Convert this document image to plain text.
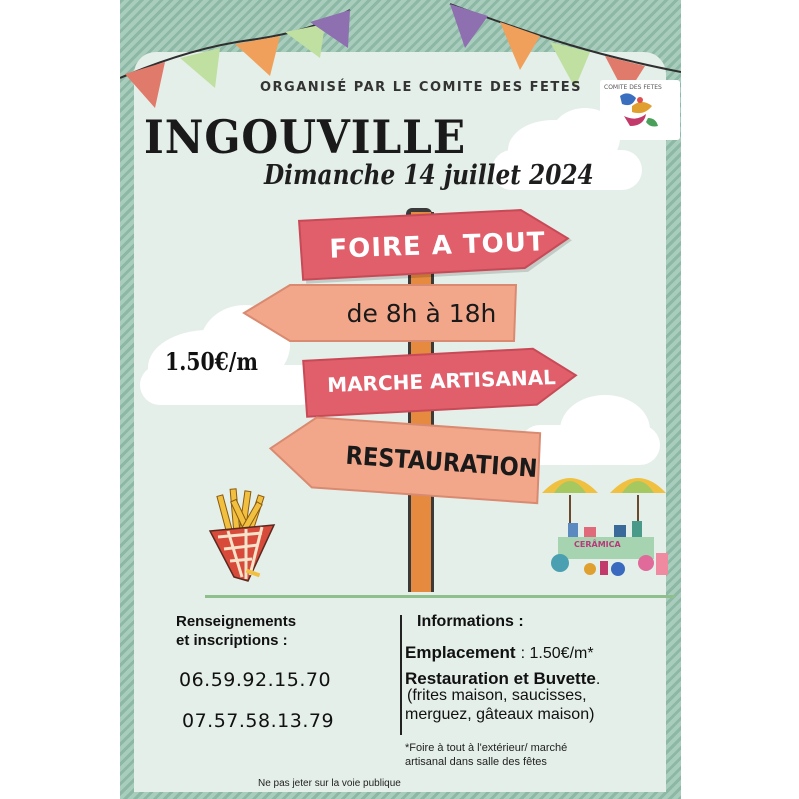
ORGANISÉ PAR LE COMITE DES FETES	COMITE DES FETES
INGOUVILLE
Dimanche 14 juillet 2024
1.50€/m
FOIRE A TOUT
de 8h à 18h
MARCHE ARTISANAL
RESTAURATION
CERÂMICA
Renseignements
et inscriptions :
06.59.92.15.70
07.57.58.13.79
Informations :
Emplacement : 1.50€/m*
Restauration et Buvette.
(frites maison, saucisses,
merguez, gâteaux maison)
*Foire à tout à l'extérieur/ marché
artisanal dans salle des fêtes
Ne pas jeter sur la voie publique
